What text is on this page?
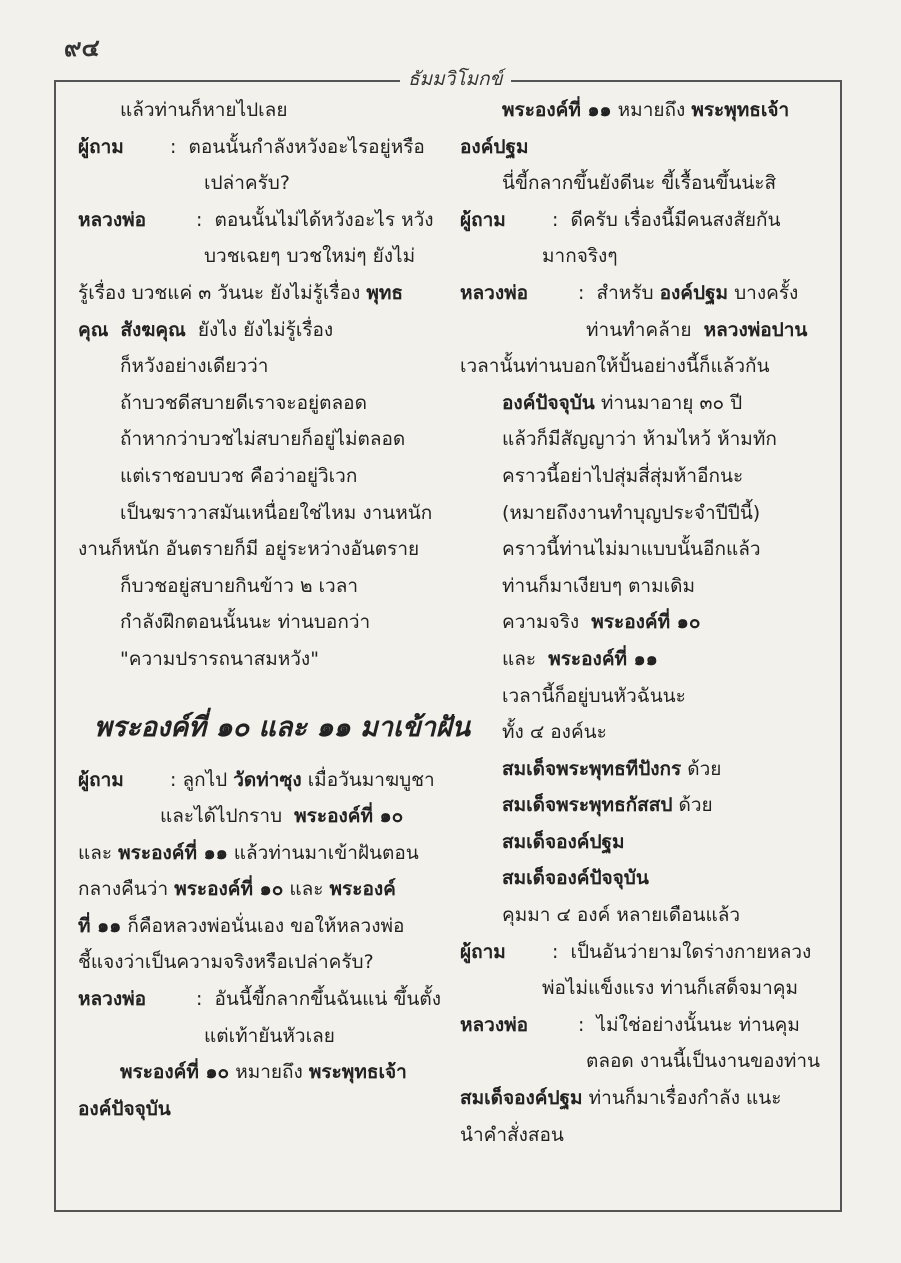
๙๔
ธัมมวิโมกข์
แล้วท่านก็หายไปเลย
ผู้ถาม : ตอนนั้นกำลังหวังอะไรอยู่หรือ
เปล่าครับ?
หลวงพ่อ	: ตอนนั้นไม่ได้หวังอะไร หวัง
บวชเฉยๆ บวชใหม่ๆ ยังไม่
รู้เรื่อง บวชแค่ ๓ วันนะ ยังไม่รู้เรื่อง พุทธ
คุณ สังฆคุณ ยังไง ยังไม่รู้เรื่อง
ก็หวังอย่างเดียวว่า
ถ้าบวชดีสบายดีเราจะอยู่ตลอด
ถ้าหากว่าบวชไม่สบายก็อยู่ไม่ตลอด
แต่เราชอบบวช คือว่าอยู่วิเวก
เป็นฆราวาสมันเหนื่อยใช่ไหม งานหนัก
งานก็หนัก อันตรายก็มี อยู่ระหว่างอันตราย
ก็บวชอยู่สบายกินข้าว ๒ เวลา
กำลังฝึกตอนนั้นนะ ท่านบอกว่า
"ความปรารถนาสมหวัง"
พระองค์ที่ ๑๐ และ ๑๑ มาเข้าฝัน
ผู้ถาม : ลูกไป วัดท่าซุง เมื่อวันมาฆบูชา
และได้ไปกราบ พระองค์ที่ ๑๐
และ พระองค์ที่ ๑๑ แล้วท่านมาเข้าฝันตอน
กลางคืนว่า พระองค์ที่ ๑๐ และ พระองค์
ที่ ๑๑ ก็คือหลวงพ่อนั่นเอง ขอให้หลวงพ่อ
ชี้แจงว่าเป็นความจริงหรือเปล่าครับ?
หลวงพ่อ	: อันนี้ขี้กลากขึ้นฉันแน่ ขึ้นตั้ง
แต่เท้ายันหัวเลย
พระองค์ที่ ๑๐ หมายถึง พระพุทธเจ้า
องค์ปัจจุบัน
พระองค์ที่ ๑๑ หมายถึง พระพุทธเจ้า
องค์ปฐม
นี่ขี้กลากขึ้นยังดีนะ ขี้เรื้อนขึ้นน่ะสิ
ผู้ถาม : ดีครับ เรื่องนี้มีคนสงสัยกัน
มากจริงๆ
หลวงพ่อ	: สำหรับ องค์ปฐม บางครั้ง
ท่านทำคล้าย หลวงพ่อปาน
เวลานั้นท่านบอกให้ปั้นอย่างนี้ก็แล้วกัน
องค์ปัจจุบัน ท่านมาอายุ ๓๐ ปี
แล้วก็มีสัญญาว่า ห้ามไหว้ ห้ามทัก
คราวนี้อย่าไปสุ่มสี่สุ่มห้าอีกนะ
(หมายถึงงานทำบุญประจำปีปีนี้)
คราวนี้ท่านไม่มาแบบนั้นอีกแล้ว
ท่านก็มาเงียบๆ ตามเดิม
ความจริง พระองค์ที่ ๑๐
และ พระองค์ที่ ๑๑
เวลานี้ก็อยู่บนหัวฉันนะ
ทั้ง ๔ องค์นะ
สมเด็จพระพุทธทีปังกร ด้วย
สมเด็จพระพุทธกัสสป ด้วย
สมเด็จองค์ปฐม
สมเด็จองค์ปัจจุบัน
คุมมา ๔ องค์ หลายเดือนแล้ว
ผู้ถาม : เป็นอันว่ายามใดร่างกายหลวง
พ่อไม่แข็งแรง ท่านก็เสด็จมาคุม
หลวงพ่อ	: ไม่ใช่อย่างนั้นนะ ท่านคุม
ตลอด งานนี้เป็นงานของท่าน
สมเด็จองค์ปฐม ท่านก็มาเรื่องกำลัง แนะ
นำคำสั่งสอน
